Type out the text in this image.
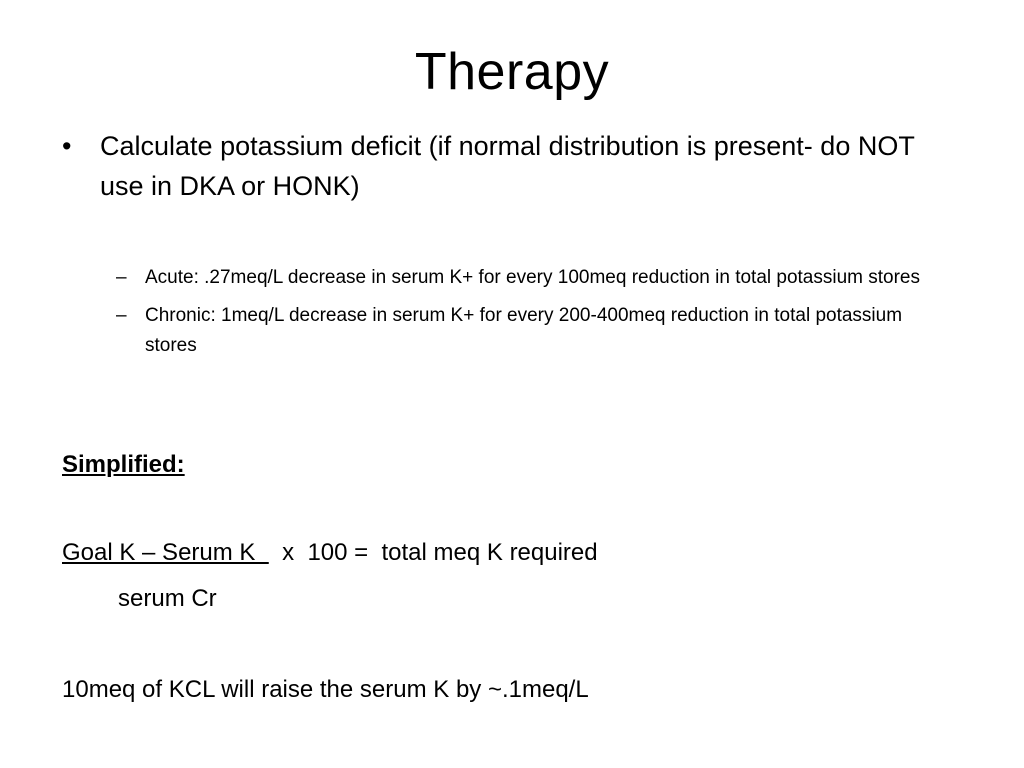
Therapy
•	Calculate potassium deficit (if normal distribution is present- do NOT use in DKA or HONK)
– Acute: .27meq/L decrease in serum K+ for every 100meq reduction in total potassium stores
– Chronic: 1meq/L decrease in serum K+ for every 200-400meq reduction in total potassium stores
Simplified:
Goal K – Serum K    x  100 =  total meq K required
serum Cr
10meq of KCL will raise the serum K by ~.1meq/L
